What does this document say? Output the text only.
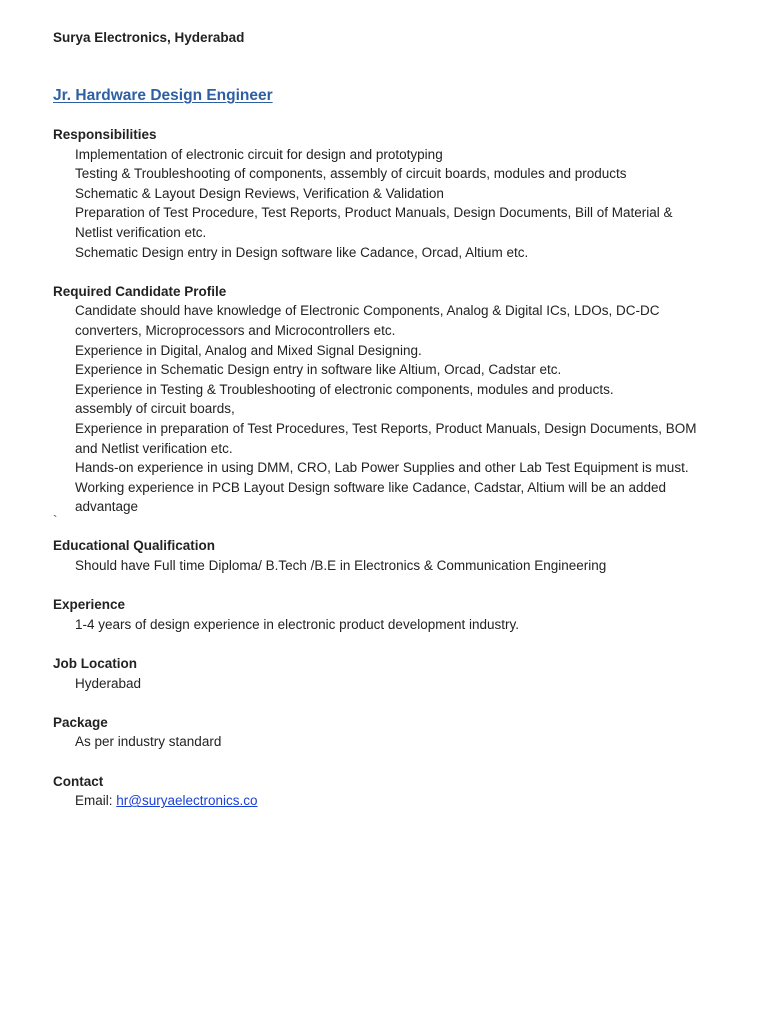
Surya Electronics, Hyderabad
Jr. Hardware Design Engineer
Responsibilities
Implementation of electronic circuit for design and prototyping
Testing & Troubleshooting of components, assembly of circuit boards, modules and products
Schematic & Layout Design Reviews, Verification & Validation
Preparation of Test Procedure, Test Reports, Product Manuals, Design Documents, Bill of Material & Netlist verification etc.
Schematic Design entry in Design software like Cadance, Orcad, Altium etc.
Required Candidate Profile
Candidate should have knowledge of Electronic Components, Analog & Digital ICs, LDOs, DC-DC converters, Microprocessors and Microcontrollers etc.
Experience in Digital, Analog and Mixed Signal Designing.
Experience in Schematic Design entry in software like Altium, Orcad, Cadstar etc.
Experience in Testing & Troubleshooting of electronic components, modules and products.
assembly of circuit boards,
Experience in preparation of Test Procedures, Test Reports, Product Manuals, Design Documents, BOM and Netlist verification etc.
Hands-on experience in using DMM, CRO, Lab Power Supplies and other Lab Test Equipment is must.
Working experience in PCB Layout Design software like Cadance, Cadstar, Altium will be an added advantage
`
Educational Qualification
Should have Full time Diploma/ B.Tech /B.E in Electronics & Communication Engineering
Experience
1-4 years of design experience in electronic product development industry.
Job Location
Hyderabad
Package
As per industry standard
Contact
Email: hr@suryaelectronics.co
